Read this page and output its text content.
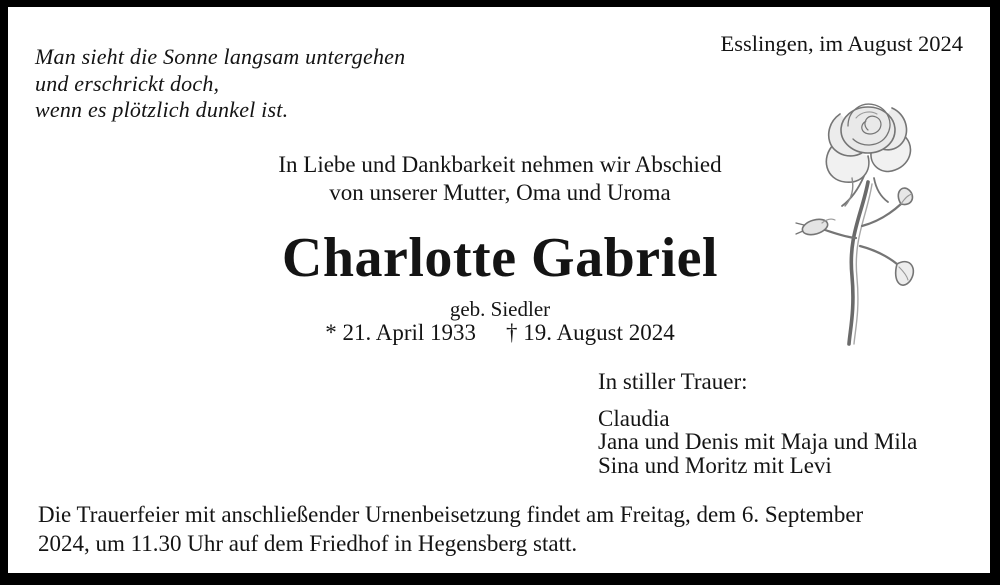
Man sieht die Sonne langsam untergehen
und erschrickt doch,
wenn es plötzlich dunkel ist.
Esslingen, im August 2024
In Liebe und Dankbarkeit nehmen wir Abschied
von unserer Mutter, Oma und Uroma
Charlotte Gabriel
geb. Siedler
* 21. April 1933 † 19. August 2024
In stiller Trauer:
Claudia
Jana und Denis mit Maja und Mila
Sina und Moritz mit Levi
Die Trauerfeier mit anschließender Urnenbeisetzung findet am Freitag, dem 6. September
2024, um 11.30 Uhr auf dem Friedhof in Hegensberg statt.
